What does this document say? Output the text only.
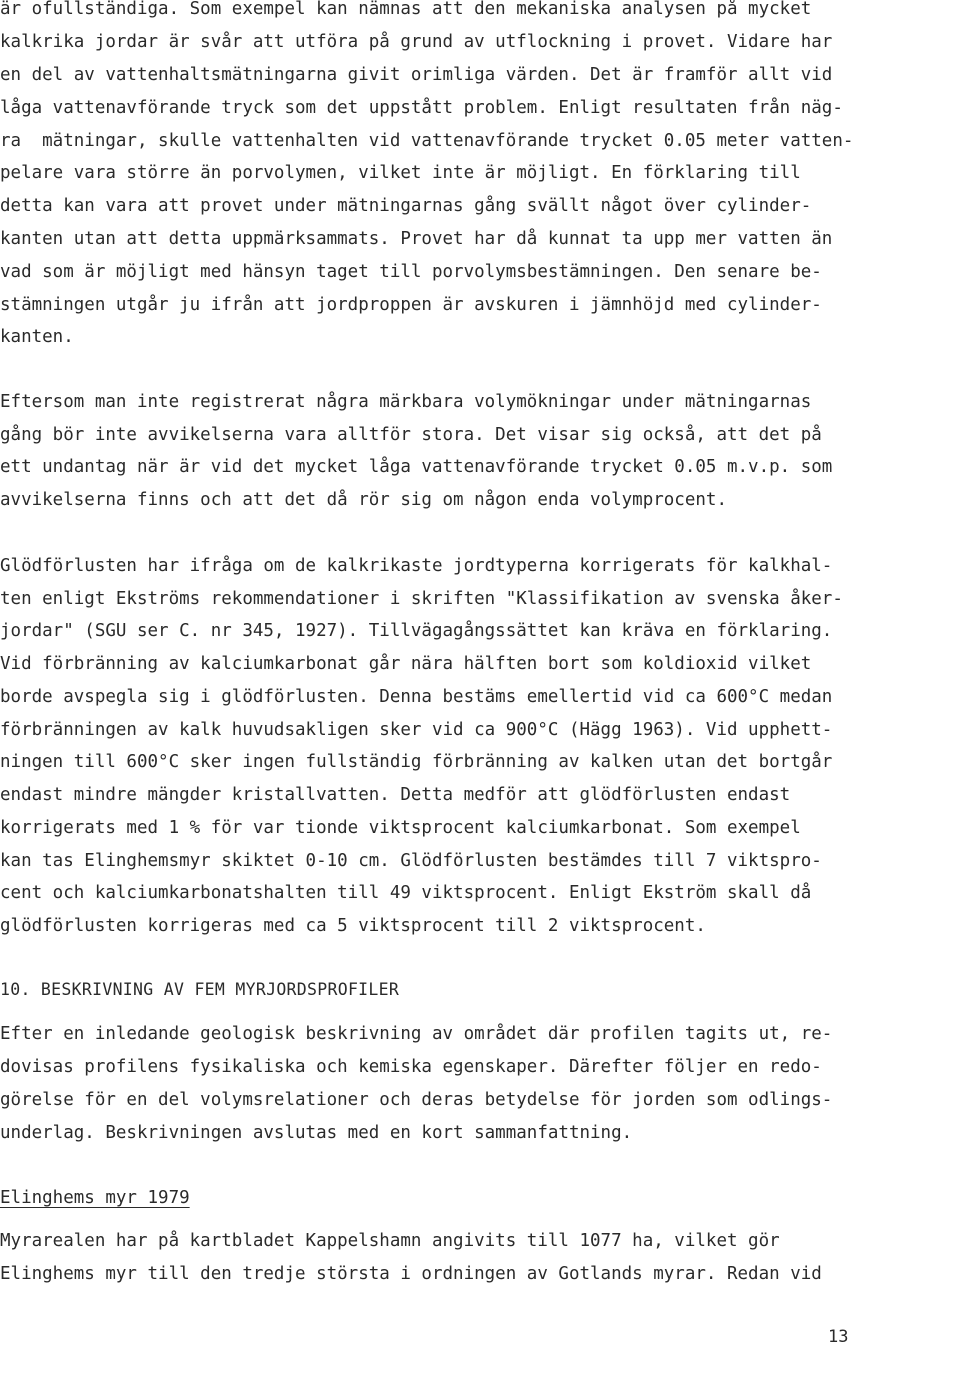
är ofullständiga. Som exempel kan nämnas att den mekaniska analysen på mycket
kalkrika jordar är svår att utföra på grund av utflockning i provet. Vidare har
en del av vattenhaltsmätningarna givit orimliga värden. Det är framför allt vid
låga vattenavförande tryck som det uppstått problem. Enligt resultaten från näg-
ra  mätningar, skulle vattenhalten vid vattenavförande trycket 0.05 meter vatten-
pelare vara större än porvolymen, vilket inte är möjligt. En förklaring till
detta kan vara att provet under mätningarnas gång svällt något över cylinder-
kanten utan att detta uppmärksammats. Provet har då kunnat ta upp mer vatten än
vad som är möjligt med hänsyn taget till porvolymsbestämningen. Den senare be-
stämningen utgår ju ifrån att jordproppen är avskuren i jämnhöjd med cylinder-
kanten.
Eftersom man inte registrerat några märkbara volymökningar under mätningarnas
gång bör inte avvikelserna vara alltför stora. Det visar sig också, att det på
ett undantag när är vid det mycket låga vattenavförande trycket 0.05 m.v.p. som
avvikelserna finns och att det då rör sig om någon enda volymprocent.
Glödförlusten har ifråga om de kalkrikaste jordtyperna korrigerats för kalkhal-
ten enligt Ekströms rekommendationer i skriften "Klassifikation av svenska åker-
jordar" (SGU ser C. nr 345, 1927). Tillvägagångssättet kan kräva en förklaring.
Vid förbränning av kalciumkarbonat går nära hälften bort som koldioxid vilket
borde avspegla sig i glödförlusten. Denna bestäms emellertid vid ca 600°C medan
förbränningen av kalk huvudsakligen sker vid ca 900°C (Hägg 1963). Vid upphett-
ningen till 600°C sker ingen fullständig förbränning av kalken utan det bortgår
endast mindre mängder kristallvatten. Detta medför att glödförlusten endast
korrigerats med 1 % för var tionde viktsprocent kalciumkarbonat. Som exempel
kan tas Elinghemsmyr skiktet 0-10 cm. Glödförlusten bestämdes till 7 viktspro-
cent och kalciumkarbonatshalten till 49 viktsprocent. Enligt Ekström skall då
glödförlusten korrigeras med ca 5 viktsprocent till 2 viktsprocent.
10. BESKRIVNING AV FEM MYRJORDSPROFILER
Efter en inledande geologisk beskrivning av området där profilen tagits ut, re-
dovisas profilens fysikaliska och kemiska egenskaper. Därefter följer en redo-
görelse för en del volymsrelationer och deras betydelse för jorden som odlings-
underlag. Beskrivningen avslutas med en kort sammanfattning.
Elinghems myr 1979
Myrarealen har på kartbladet Kappelshamn angivits till 1077 ha, vilket gör
Elinghems myr till den tredje största i ordningen av Gotlands myrar. Redan vid
13
